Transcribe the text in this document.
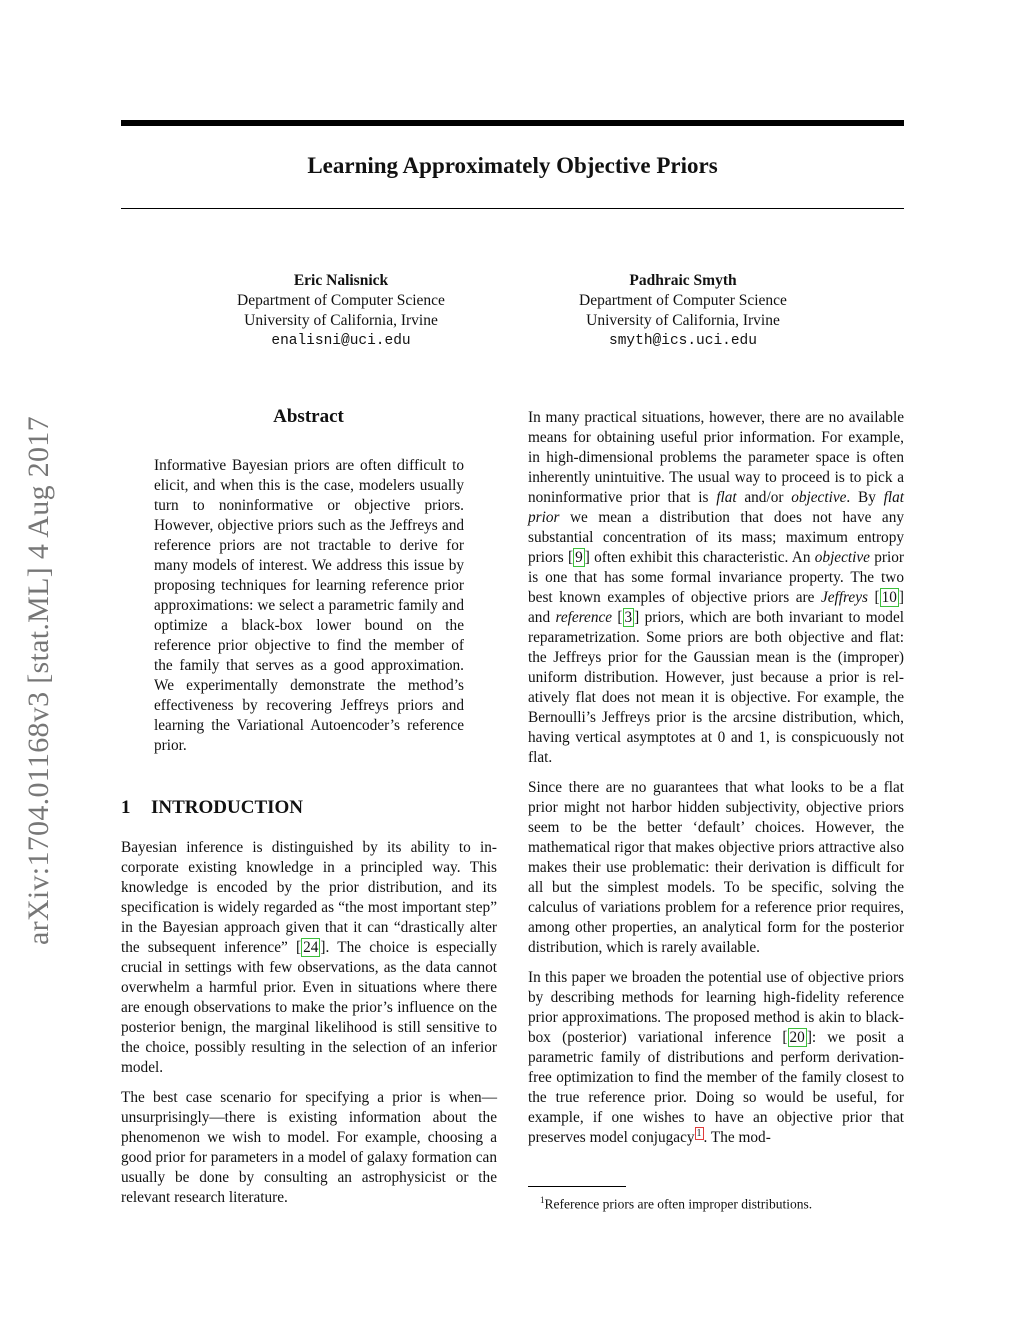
Learning Approximately Objective Priors
arXiv:1704.01168v3 [stat.ML] 4 Aug 2017
Eric Nalisnick
Department of Computer Science
University of California, Irvine
enalisni@uci.edu
Padhraic Smyth
Department of Computer Science
University of California, Irvine
smyth@ics.uci.edu
Abstract

Informative Bayesian priors are often difficult to elicit, and when this is the case, modelers usually turn to noninformative or objective priors. However, objective priors such as the Jeffreys and reference priors are not tractable to derive for many models of interest. We address this issue by proposing techniques for learning reference prior approximations: we select a parametric family and optimize a black-box lower bound on the reference prior objective to find the member of the family that serves as a good approximation. We experimentally demonstrate the method’s effectiveness by recovering Jeffreys priors and learning the Variational Autoencoder’s reference prior.

1 INTRODUCTION

Bayesian inference is distinguished by its ability to incorporate existing knowledge in a principled way. This knowledge is encoded by the prior distribution, and its specification is widely regarded as “the most important step” in the Bayesian approach given that it can “drastically alter the subsequent inference” [ 24 ]. The choice is especially crucial in settings with few observations, as the data cannot overwhelm a harmful prior. Even in situations where there are enough observations to make the prior’s influence on the posterior benign, the marginal likelihood is still sensitive to the choice, possibly resulting in the selection of an inferior model.

The best case scenario for specifying a prior is when— unsurprisingly—there is existing information about the phenomenon we wish to model. For example, choosing a good prior for parameters in a model of galaxy formation can usually be done by consulting an astrophysicist or the relevant research literature.

In many practical situations, however, there are no available means for obtaining useful prior information. For example, in high-dimensional problems the parameter space is often inherently unintuitive. The usual way to proceed is to pick a noninformative prior that is flat and/or objective. By flat prior we mean a distribution that does not have any substantial concentration of its mass; maximum entropy priors [ 9 ] often exhibit this characteristic. An objective prior is one that has some formal invariance property. The two best known examples of objective priors are Jeffreys [ 10 ] and reference [ 3 ] priors, which are both invariant to model reparametrization. Some priors are both objective and flat: the Jeffreys prior for the Gaussian mean is the (improper) uniform distribution. However, just because a prior is relatively flat does not mean it is objective. For example, the Bernoulli’s Jeffreys prior is the arcsine distribution, which, having vertical asymptotes at 0 and 1, is conspicuously not flat.

Since there are no guarantees that what looks to be a flat prior might not harbor hidden subjectivity, objective priors seem to be the better ‘default’ choices. However, the mathematical rigor that makes objective priors attractive also makes their use problematic: their derivation is difficult for all but the simplest models. To be specific, solving the calculus of variations problem for a reference prior requires, among other properties, an analytical form for the posterior distribution, which is rarely available.

In this paper we broaden the potential use of objective priors by describing methods for learning high-fidelity reference prior approximations. The proposed method is akin to black-box (posterior) variational inference [ 20 ]: we posit a parametric family of distributions and perform derivation-free optimization to find the member of the family closest to the true reference prior. Doing so would be useful, for example, if one wishes to have an objective prior that preserves model conjugacy $^1$ . The mod-

$^1$Reference priors are often improper distributions.
